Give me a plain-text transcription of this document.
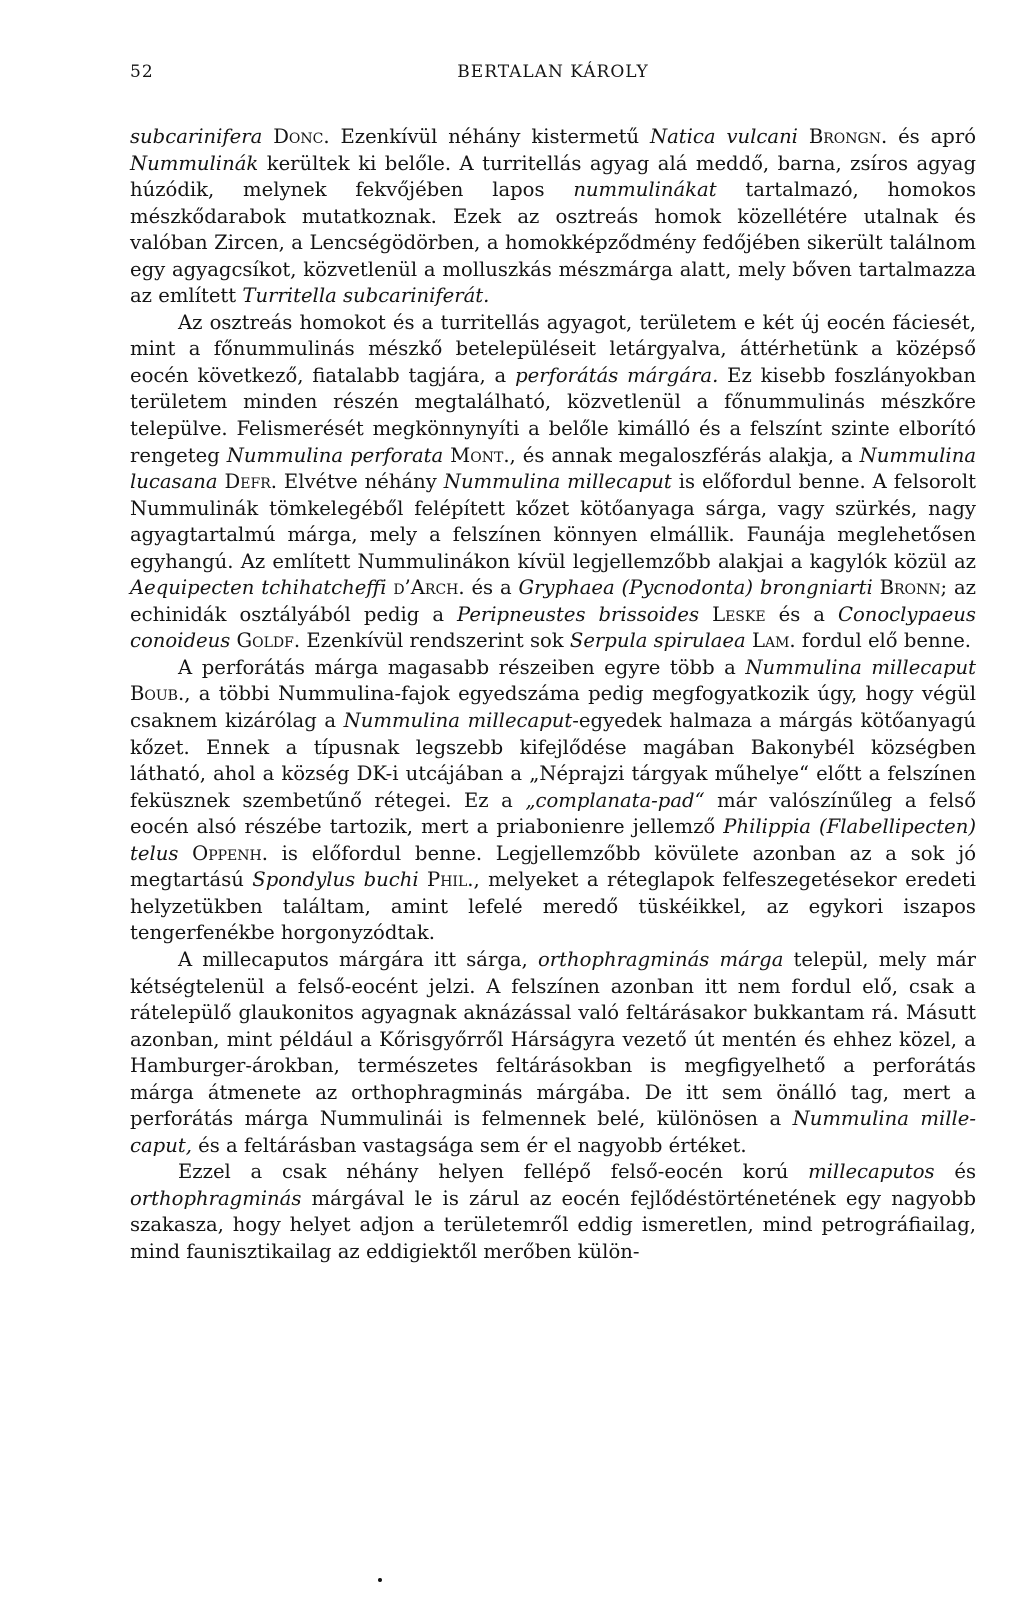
52	BERTALAN KÁROLY

subcarinifera Donc. Ezenkívül néhány kistermetű Natica vulcani Brongn. és apró Nummulinák kerültek ki belőle. A turritellás agyag alá meddő, barna, zsíros agyag húzódik, melynek fekvőjében lapos nummulinákat tartalmazó, homokos mészkődarabok mutatkoznak. Ezek az osztreás homok közellétére utalnak és valóban Zircen, a Lencségödörben, a homokképződmény fedőjében sikerült találnom egy agyagcsíkot, közvetlenül a molluszkás mészmárga alatt, mely bőven tartalmazza az említett Turritella subcariniferát.

Az osztreás homokot és a turritellás agyagot, területem e két új eocén fáciesét, mint a főnummulinás mészkő betelepüléseit letárgyalva, áttérhetünk a középső eocén következő, fiatalabb tagjára, a perforátás márgára. Ez kisebb foszlányokban területem minden részén megtalálható, közvetlenül a főnummulinás mészkőre települve. Felismerését megkönnynyíti a belőle kimálló és a felszínt szinte elborító rengeteg Nummulina perforata Mont., és annak megaloszférás alakja, a Nummulina lucasana Defr. Elvétve néhány Nummulina millecaput is előfordul benne. A felsorolt Nummulinák tömkelegéből felépített kőzet kötőanyaga sárga, vagy szürkés, nagy agyagtartalmú márga, mely a felszínen könnyen elmállik. Faunája meglehetősen egyhangú. Az említett Nummulinákon kívül legjellemzőbb alakjai a kagylók közül az Aequipecten tchihatcheffi d’Arch. és a Gryphaea (Pycnodonta) brongniarti Bronn; az echinidák osztályából pedig a Peripneustes brissoides Leske és a Conoclypaeus conoideus Goldf. Ezenkívül rendszerint sok Serpula spirulaea Lam. fordul elő benne.

A perforátás márga magasabb részeiben egyre több a Nummulina millecaput Boub., a többi Nummulina-fajok egyedszáma pedig megfogyatkozik úgy, hogy végül csaknem kizárólag a Nummulina millecaput-egyedek halmaza a márgás kötőanyagú kőzet. Ennek a típusnak legszebb kifejlődése magában Bakonybél községben látható, ahol a község DK-i utcájában a „Néprajzi tárgyak műhelye“ előtt a felszínen feküsznek szembetűnő rétegei. Ez a „complanata-pad“ már valószínűleg a felső eocén alsó részébe tartozik, mert a priabonienre jellemző Philippia (Flabellipecten) telus Oppenh. is előfordul benne. Legjellemzőbb kövülete azonban az a sok jó megtartású Spondylus buchi Phil., melyeket a réteglapok felfeszegetésekor eredeti helyzetükben találtam, amint lefelé meredő tüskéikkel, az egykori iszapos tengerfenékbe horgonyzódtak.

A millecaputos márgára itt sárga, orthophragminás márga települ, mely már kétségtelenül a felső-eocént jelzi. A felszínen azonban itt nem fordul elő, csak a rátelepülő glaukonitos agyagnak aknázással való feltárásakor bukkantam rá. Másutt azonban, mint például a Kőrisgyőrről Hárságyra vezető út mentén és ehhez közel, a Hamburger-árokban, természetes feltárásokban is megfigyelhető a perforátás márga átmenete az orthophragminás márgába. De itt sem önálló tag, mert a perforátás márga Nummulinái is felmennek belé, különösen a Nummulina millecaput, és a feltárásban vastagsága sem ér el nagyobb értéket.

Ezzel a csak néhány helyen fellépő felső-eocén korú millecaputos és orthophragminás márgával le is zárul az eocén fejlődéstörténetének egy nagyobb szakasza, hogy helyet adjon a területemről eddig ismeretlen, mind petrográfiailag, mind faunisztikailag az eddigiektől merőben külön-
